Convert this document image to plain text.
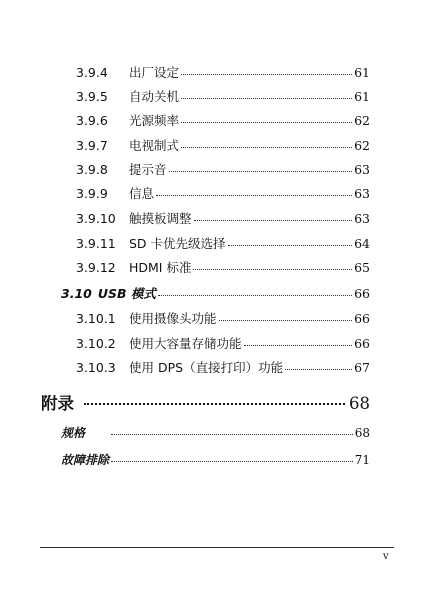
3.9.4	出厂设定	61
3.9.5	自动关机	61
3.9.6	光源频率	62
3.9.7	电视制式	62
3.9.8	提示音	63
3.9.9	信息	63
3.9.10	触摸板调整	63
3.9.11	SD 卡优先级选择	64
3.9.12	HDMI 标准	65
3.10 USB 模式	66
3.10.1	使用摄像头功能	66
3.10.2	使用大容量存储功能	66
3.10.3	使用 DPS（直接打印）功能	67
附录	68
规格	68
故障排除	71
v
